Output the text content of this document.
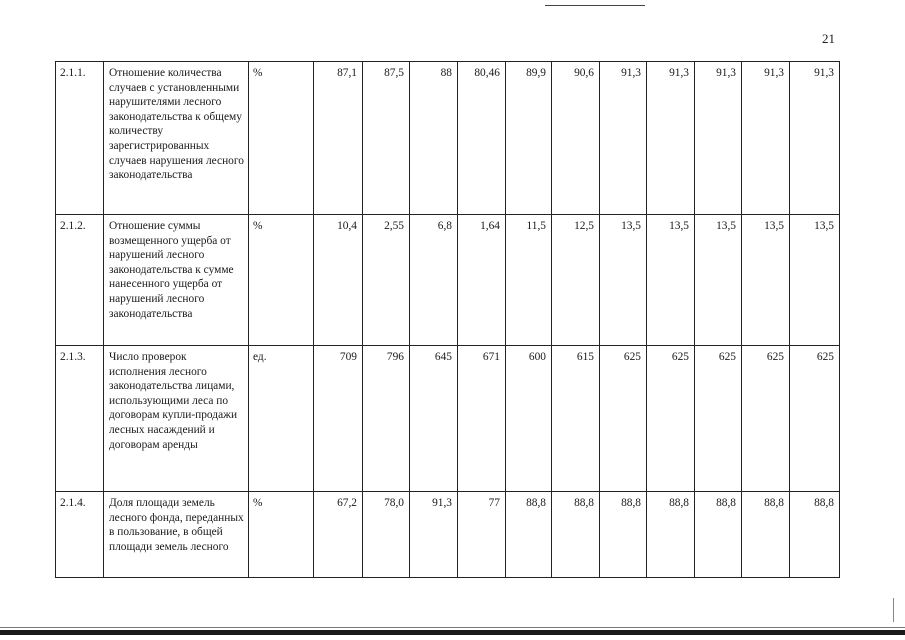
21
2.1.1.	Отношение количества случаев с установленными нарушителями лесного законодательства к общему количеству зарегистрированных случаев нарушения лесного законодательства	%	87,1	87,5	88	80,46	89,9	90,6	91,3	91,3	91,3	91,3	91,3
2.1.2.	Отношение суммы возмещенного ущерба от нарушений лесного законодательства к сумме нанесенного ущерба от нарушений лесного законодательства	%	10,4	2,55	6,8	1,64	11,5	12,5	13,5	13,5	13,5	13,5	13,5
2.1.3.	Число проверок исполнения лесного законодательства лицами, использующими леса по договорам купли-продажи лесных насаждений и договорам аренды	ед.	709	796	645	671	600	615	625	625	625	625	625
2.1.4.	Доля площади земель лесного фонда, переданных в пользование, в общей площади земель лесного	%	67,2	78,0	91,3	77	88,8	88,8	88,8	88,8	88,8	88,8	88,8
